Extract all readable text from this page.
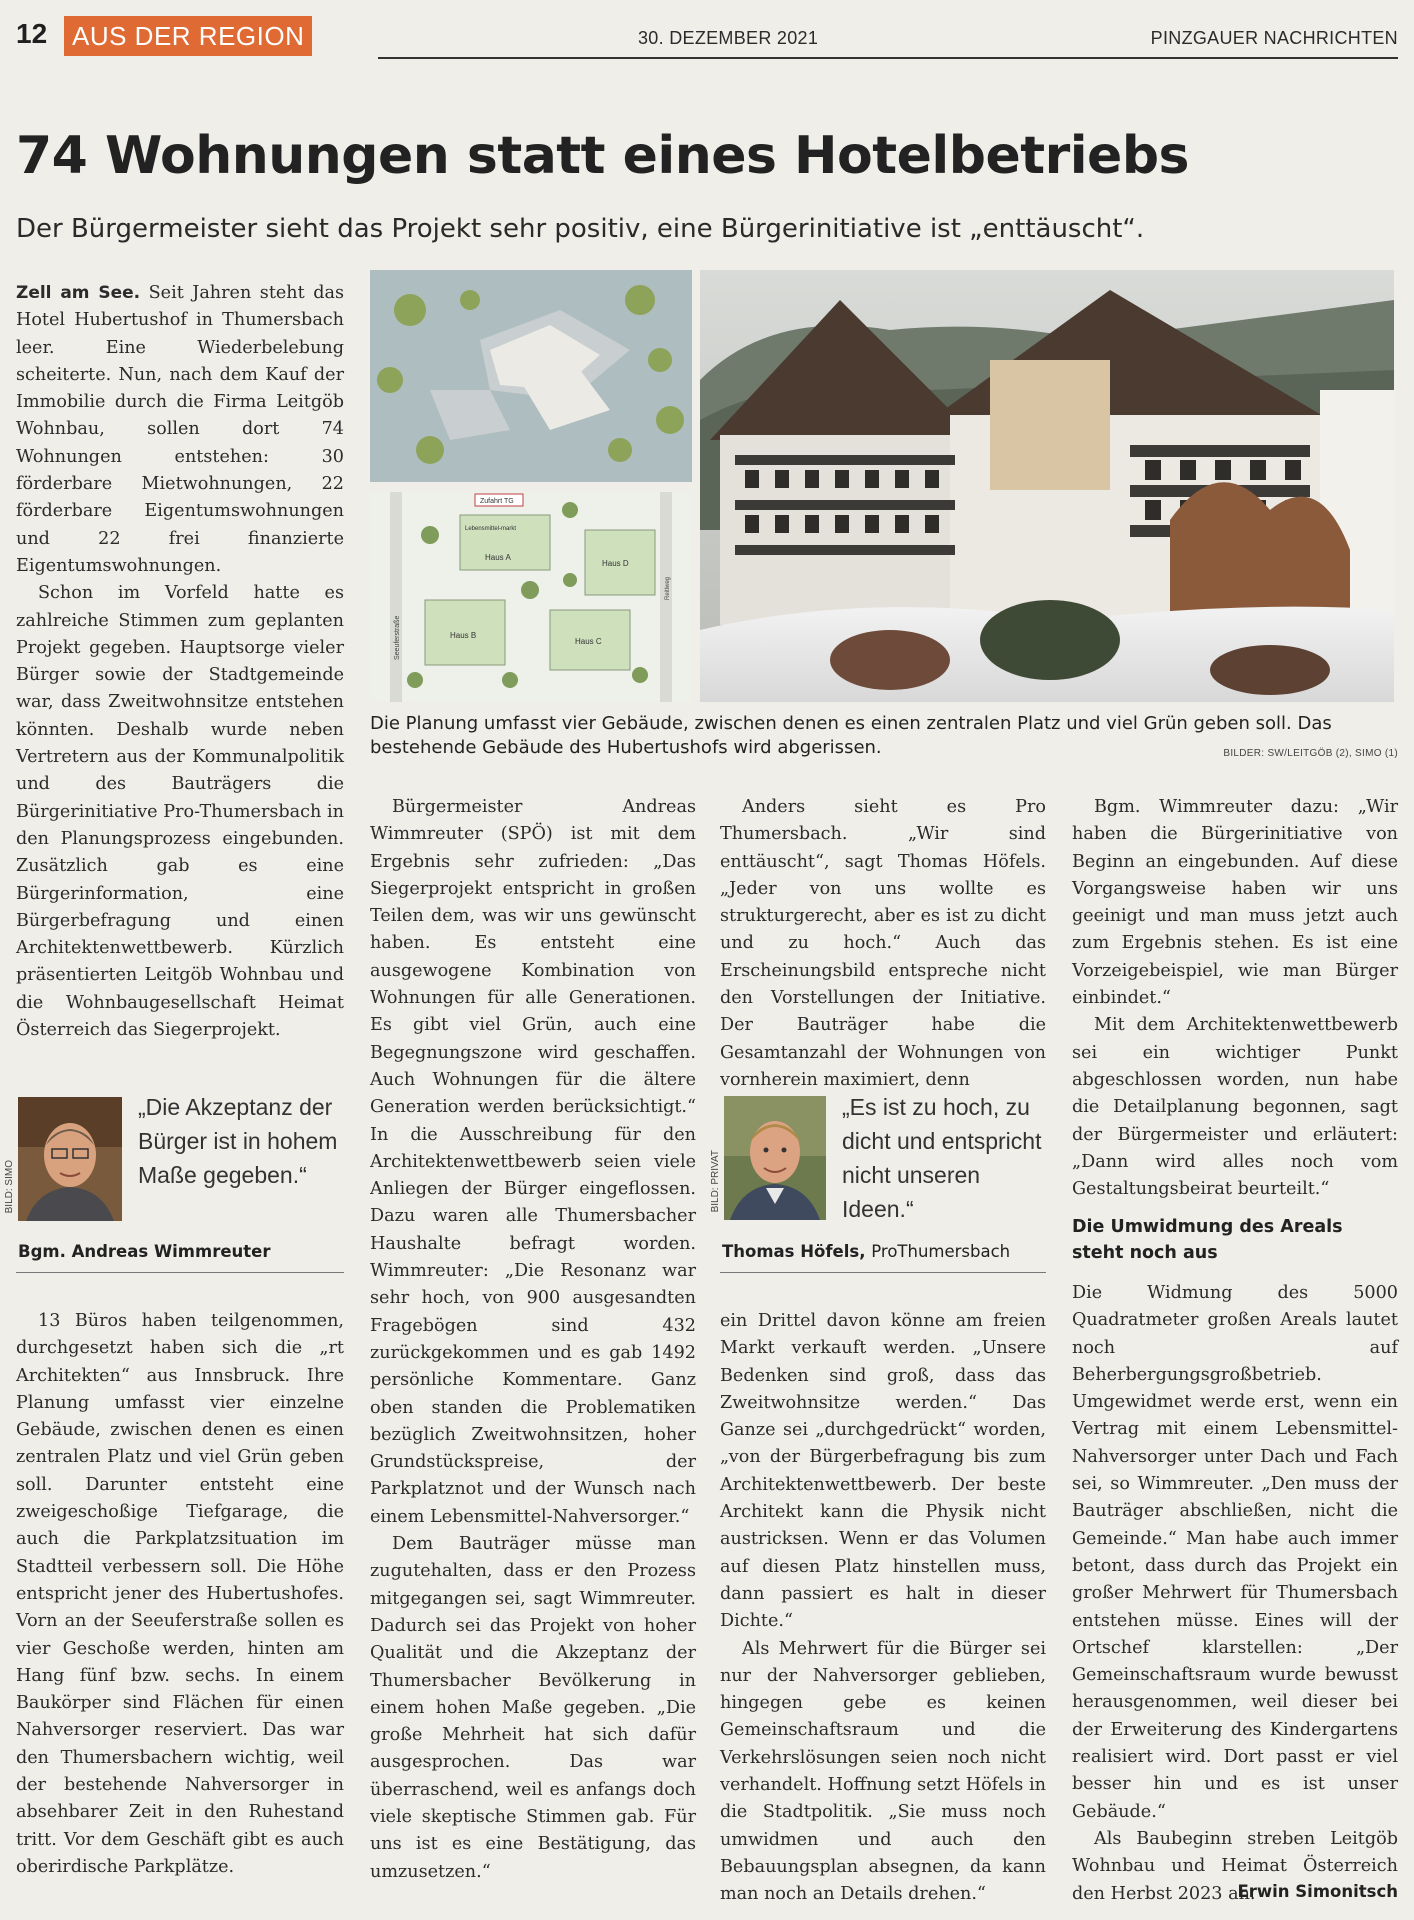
12 AUS DER REGION	30. DEZEMBER 2021	PINZGAUER NACHRICHTEN
74 Wohnungen statt eines Hotelbetriebs
Der Bürgermeister sieht das Projekt sehr positiv, eine Bürgerinitiative ist „enttäuscht“.

Zell am See. Seit Jahren steht das Hotel Hubertushof in Thumersbach leer. Eine Wiederbelebung scheiterte. Nun, nach dem Kauf der Immobilie durch die Firma Leitgöb Wohnbau, sollen dort 74 Wohnungen entstehen: 30 förderbare Mietwohnungen, 22 förderbare Eigentumswohnungen und 22 frei finanzierte Eigentumswohnungen.

Schon im Vorfeld hatte es zahlreiche Stimmen zum geplanten Projekt gegeben. Hauptsorge vieler Bürger sowie der Stadtgemeinde war, dass Zweitwohnsitze entstehen könnten. Deshalb wurde neben Vertretern aus der Kommunalpolitik und des Bauträgers die Bürgerinitiative Pro-Thumersbach in den Planungsprozess eingebunden. Zusätzlich gab es eine Bürgerinformation, eine Bürgerbefragung und einen Architektenwettbewerb. Kürzlich präsentierten Leitgöb Wohnbau und die Wohnbaugesellschaft Heimat Österreich das Siegerprojekt.

Zufahrt TG
Lebensmittel-markt
Haus A
Haus D
Haus B
Haus C
Seeuferstraße
Reitlweg
Die Planung umfasst vier Gebäude, zwischen denen es einen zentralen Platz und viel Grün geben soll. Das bestehende Gebäude des Hubertushofs wird abgerissen.	BILDER: SW/LEITGÖB (2), SIMO (1)
BILD: SIMO
„Die Akzeptanz der Bürger ist in hohem Maße gegeben.“
Bgm. Andreas Wimmreuter

13 Büros haben teilgenommen, durchgesetzt haben sich die „rt Architekten“ aus Innsbruck. Ihre Planung umfasst vier einzelne Gebäude, zwischen denen es einen zentralen Platz und viel Grün geben soll. Darunter entsteht eine zweigeschoßige Tiefgarage, die auch die Parkplatzsituation im Stadtteil verbessern soll. Die Höhe entspricht jener des Hubertushofes. Vorn an der Seeuferstraße sollen es vier Geschoße werden, hinten am Hang fünf bzw. sechs. In einem Baukörper sind Flächen für einen Nahversorger reserviert. Das war den Thumersbachern wichtig, weil der bestehende Nahversorger in absehbarer Zeit in den Ruhestand tritt. Vor dem Geschäft gibt es auch oberirdische Parkplätze.

Bürgermeister Andreas Wimmreuter (SPÖ) ist mit dem Ergebnis sehr zufrieden: „Das Siegerprojekt entspricht in großen Teilen dem, was wir uns gewünscht haben. Es entsteht eine ausgewogene Kombination von Wohnungen für alle Generationen. Es gibt viel Grün, auch eine Begegnungszone wird geschaffen. Auch Wohnungen für die ältere Generation werden berücksichtigt.“ In die Ausschreibung für den Architektenwettbewerb seien viele Anliegen der Bürger eingeflossen. Dazu waren alle Thumersbacher Haushalte befragt worden. Wimmreuter: „Die Resonanz war sehr hoch, von 900 ausgesandten Fragebögen sind 432 zurückgekommen und es gab 1492 persönliche Kommentare. Ganz oben standen die Problematiken bezüglich Zweitwohnsitzen, hoher Grundstückspreise, der Parkplatznot und der Wunsch nach einem Lebensmittel-Nahversorger.“

Dem Bauträger müsse man zugutehalten, dass er den Prozess mitgegangen sei, sagt Wimmreuter. Dadurch sei das Projekt von hoher Qualität und die Akzeptanz der Thumersbacher Bevölkerung in einem hohen Maße gegeben. „Die große Mehrheit hat sich dafür ausgesprochen. Das war überraschend, weil es anfangs doch viele skeptische Stimmen gab. Für uns ist es eine Bestätigung, das umzusetzen.“

Anders sieht es Pro Thumersbach. „Wir sind enttäuscht“, sagt Thomas Höfels. „Jeder von uns wollte es strukturgerecht, aber es ist zu dicht und zu hoch.“ Auch das Erscheinungsbild entspreche nicht den Vorstellungen der Initiative. Der Bauträger habe die Gesamtanzahl der Wohnungen von vornherein maximiert, denn

BILD: PRIVAT
„Es ist zu hoch, zu dicht und entspricht nicht unseren Ideen.“
Thomas Höfels, ProThumersbach

ein Drittel davon könne am freien Markt verkauft werden. „Unsere Bedenken sind groß, dass das Zweitwohnsitze werden.“ Das Ganze sei „durchgedrückt“ worden, „von der Bürgerbefragung bis zum Architektenwettbewerb. Der beste Architekt kann die Physik nicht austricksen. Wenn er das Volumen auf diesen Platz hinstellen muss, dann passiert es halt in dieser Dichte.“

Als Mehrwert für die Bürger sei nur der Nahversorger geblieben, hingegen gebe es keinen Gemeinschaftsraum und die Verkehrslösungen seien noch nicht verhandelt. Hoffnung setzt Höfels in die Stadtpolitik. „Sie muss noch umwidmen und auch den Bebauungsplan absegnen, da kann man noch an Details drehen.“

Bgm. Wimmreuter dazu: „Wir haben die Bürgerinitiative von Beginn an eingebunden. Auf diese Vorgangsweise haben wir uns geeinigt und man muss jetzt auch zum Ergebnis stehen. Es ist eine Vorzeigebeispiel, wie man Bürger einbindet.“

Mit dem Architektenwettbewerb sei ein wichtiger Punkt abgeschlossen worden, nun habe die Detailplanung begonnen, sagt der Bürgermeister und erläutert: „Dann wird alles noch vom Gestaltungsbeirat beurteilt.“

Die Umwidmung des Areals steht noch aus

Die Widmung des 5000 Quadratmeter großen Areals lautet noch auf Beherbergungsgroßbetrieb. Umgewidmet werde erst, wenn ein Vertrag mit einem Lebensmittel-Nahversorger unter Dach und Fach sei, so Wimmreuter. „Den muss der Bauträger abschließen, nicht die Gemeinde.“ Man habe auch immer betont, dass durch das Projekt ein großer Mehrwert für Thumersbach entstehen müsse. Eines will der Ortschef klarstellen: „Der Gemeinschaftsraum wurde bewusst herausgenommen, weil dieser bei der Erweiterung des Kindergartens realisiert wird. Dort passt er viel besser hin und es ist unser Gebäude.“

Als Baubeginn streben Leitgöb Wohnbau und Heimat Österreich den Herbst 2023 an.

Erwin Simonitsch
